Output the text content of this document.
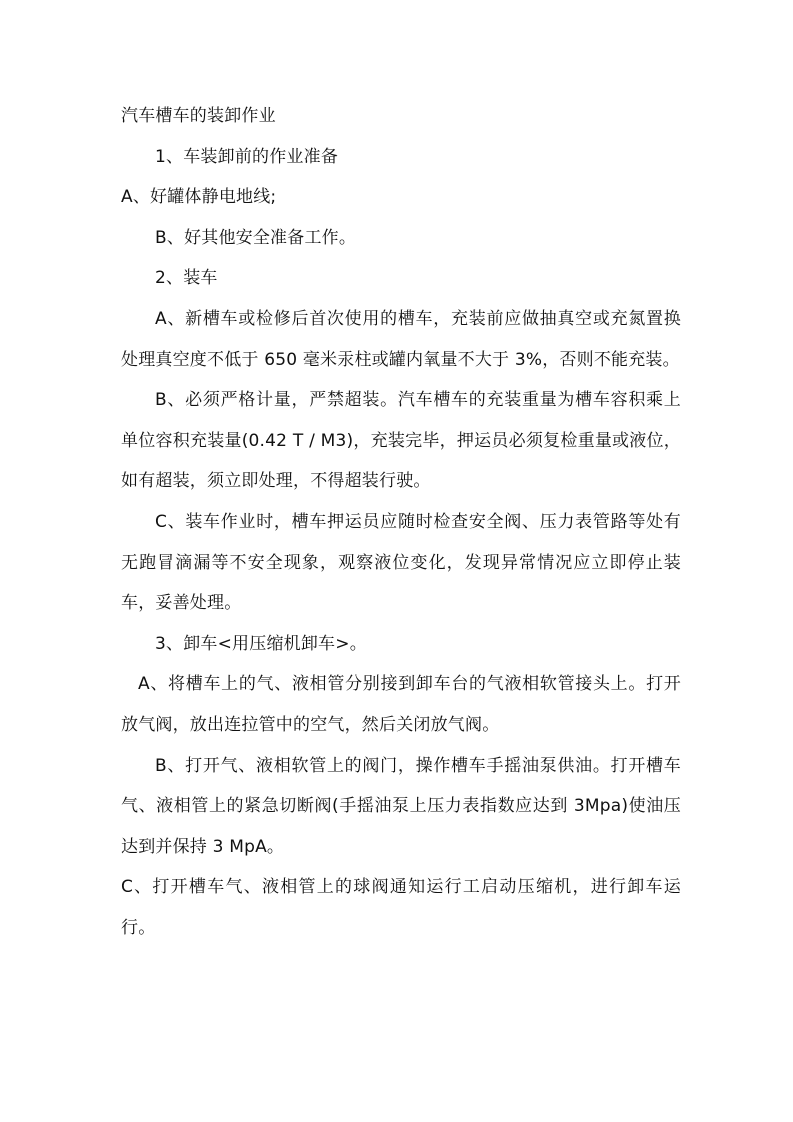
汽车槽车的装卸作业

1、车装卸前的作业准备

A、好罐体静电地线;

B、好其他安全准备工作。

2、装车

A、新槽车或检修后首次使用的槽车，充装前应做抽真空或充氮置换处理真空度不低于 650 毫米汞柱或罐内氧量不大于 3%，否则不能充装。

B、必须严格计量，严禁超装。汽车槽车的充装重量为槽车容积乘上单位容积充装量(0.42 T / M3)，充装完毕，押运员必须复检重量或液位，如有超装，须立即处理，不得超装行驶。

C、装车作业时，槽车押运员应随时检查安全阀、压力表管路等处有无跑冒滴漏等不安全现象，观察液位变化，发现异常情况应立即停止装车，妥善处理。

3、卸车<用压缩机卸车>。

A、将槽车上的气、液相管分别接到卸车台的气液相软管接头上。打开放气阀，放出连拉管中的空气，然后关闭放气阀。

B、打开气、液相软管上的阀门，操作槽车手摇油泵供油。打开槽车气、液相管上的紧急切断阀(手摇油泵上压力表指数应达到 3Mpa)使油压达到并保持 3 MpA。

C、打开槽车气、液相管上的球阀通知运行工启动压缩机，进行卸车运行。
